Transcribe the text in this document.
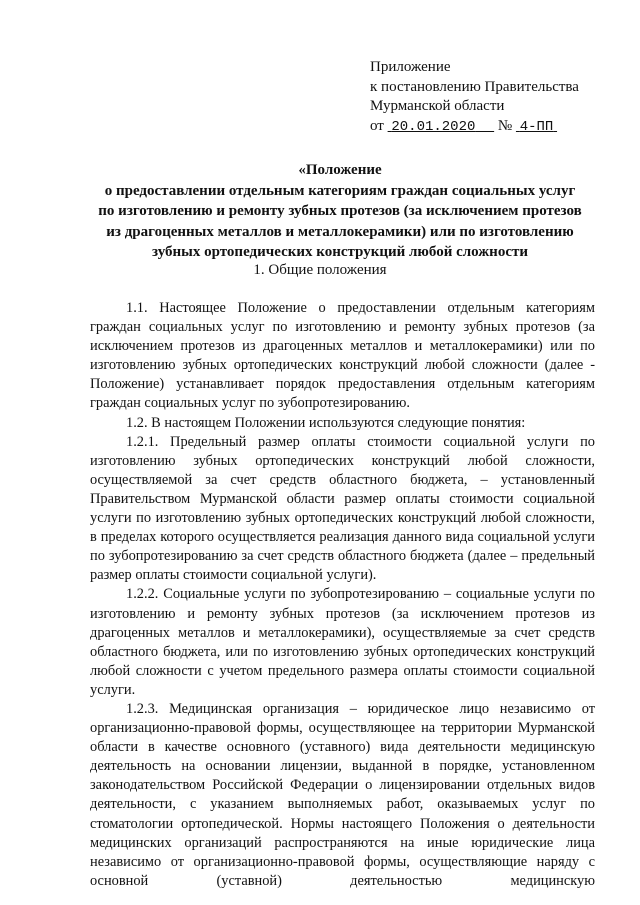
Приложение
к постановлению Правительства
Мурманской области
от 20.01.2020 № 4-ПП
«Положение
о предоставлении отдельным категориям граждан социальных услуг
по изготовлению и ремонту зубных протезов (за исключением протезов
из драгоценных металлов и металлокерамики) или по изготовлению
зубных ортопедических конструкций любой сложности
1. Общие положения

1.1. Настоящее Положение о предоставлении отдельным категориям граждан социальных услуг по изготовлению и ремонту зубных протезов (за исключением протезов из драгоценных металлов и металлокерамики) или по изготовлению зубных ортопедических конструкций любой сложности (далее - Положение) устанавливает порядок предоставления отдельным категориям граждан социальных услуг по зубопротезированию.

1.2. В настоящем Положении используются следующие понятия:

1.2.1. Предельный размер оплаты стоимости социальной услуги по изготовлению зубных ортопедических конструкций любой сложности, осуществляемой за счет средств областного бюджета, – установленный Правительством Мурманской области размер оплаты стоимости социальной услуги по изготовлению зубных ортопедических конструкций любой сложности, в пределах которого осуществляется реализация данного вида социальной услуги по зубопротезированию за счет средств областного бюджета (далее – предельный размер оплаты стоимости социальной услуги).

1.2.2. Социальные услуги по зубопротезированию – социальные услуги по изготовлению и ремонту зубных протезов (за исключением протезов из драгоценных металлов и металлокерамики), осуществляемые за счет средств областного бюджета, или по изготовлению зубных ортопедических конструкций любой сложности с учетом предельного размера оплаты стоимости социальной услуги.

1.2.3. Медицинская организация – юридическое лицо независимо от организационно-правовой формы, осуществляющее на территории Мурманской области в качестве основного (уставного) вида деятельности медицинскую деятельность на основании лицензии, выданной в порядке, установленном законодательством Российской Федерации о лицензировании отдельных видов деятельности, с указанием выполняемых работ, оказываемых услуг по стоматологии ортопедической. Нормы настоящего Положения о деятельности медицинских организаций распространяются на иные юридические лица независимо от организационно-правовой формы, осуществляющие наряду с основной (уставной) деятельностью медицинскую
